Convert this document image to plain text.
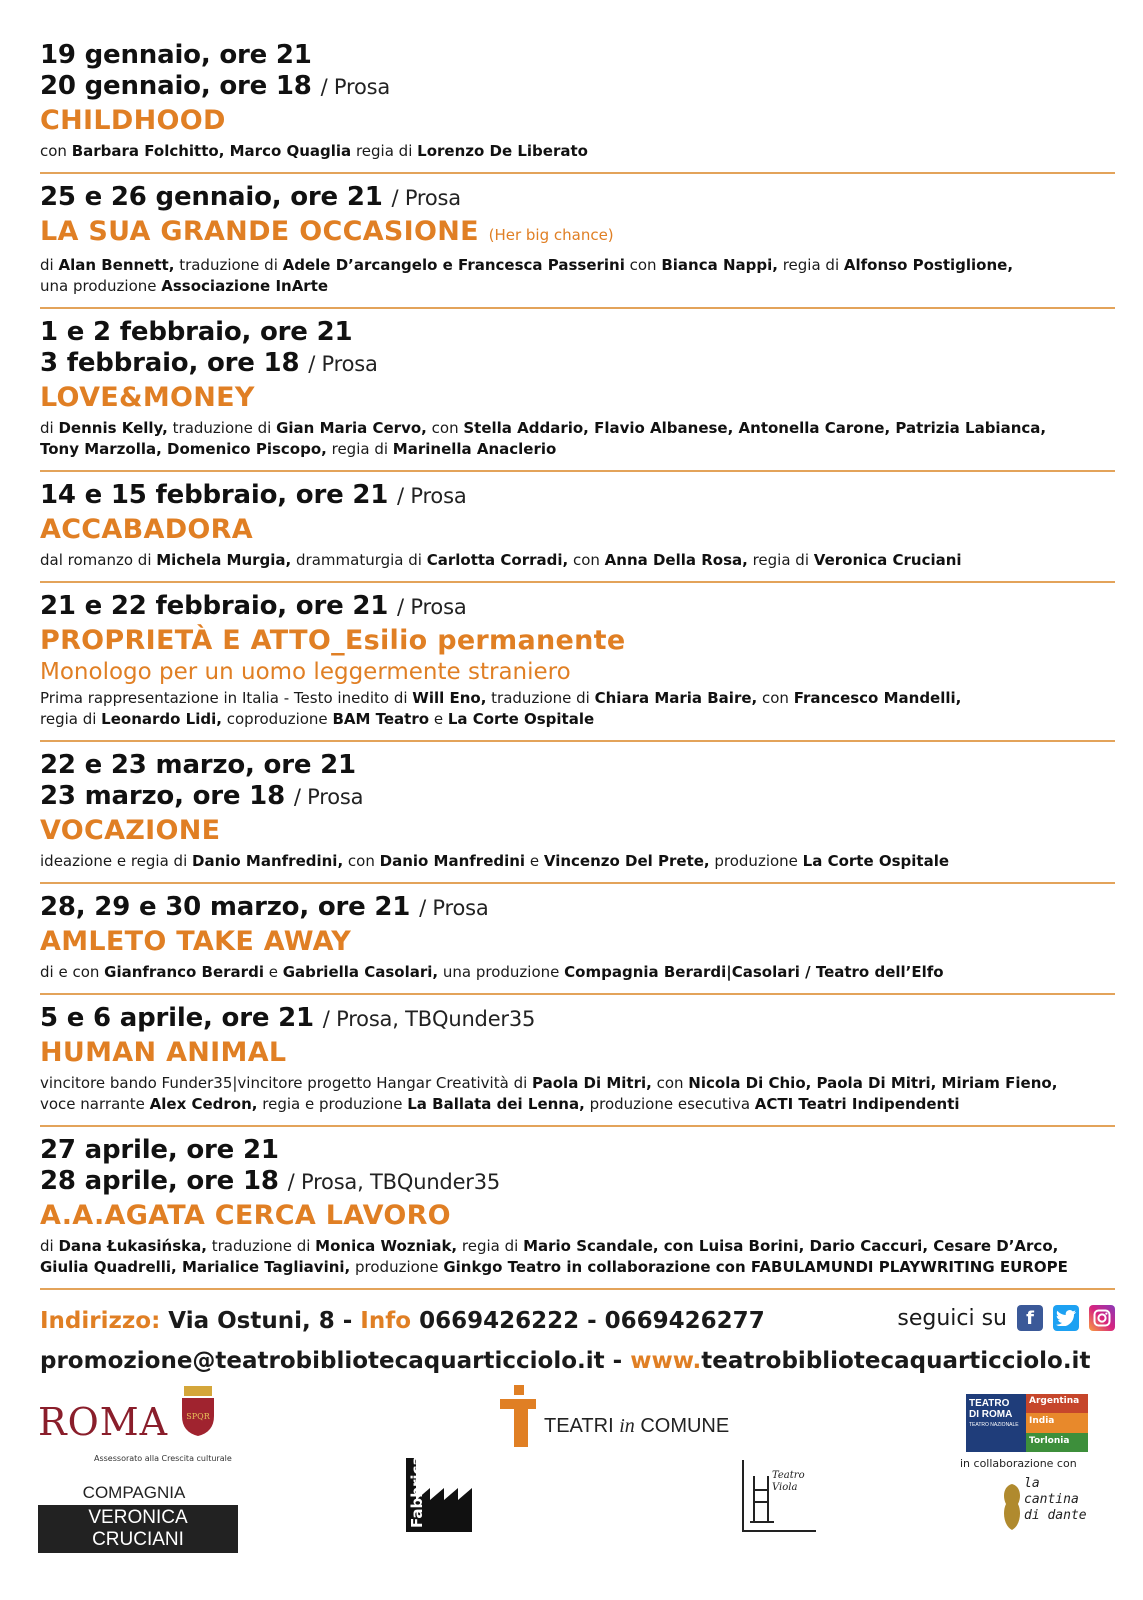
19 gennaio, ore 21
20 gennaio, ore 18 / Prosa
CHILDHOOD
con Barbara Folchitto, Marco Quaglia regia di Lorenzo De Liberato
25 e 26 gennaio, ore 21 / Prosa
LA SUA GRANDE OCCASIONE (Her big chance)
di Alan Bennett, traduzione di Adele D’arcangelo e Francesca Passerini con Bianca Nappi, regia di Alfonso Postiglione,
una produzione Associazione InArte
1 e 2 febbraio, ore 21
3 febbraio, ore 18 / Prosa
LOVE&MONEY
di Dennis Kelly, traduzione di Gian Maria Cervo, con Stella Addario, Flavio Albanese, Antonella Carone, Patrizia Labianca,
Tony Marzolla, Domenico Piscopo, regia di Marinella Anaclerio
14 e 15 febbraio, ore 21 / Prosa
ACCABADORA
dal romanzo di Michela Murgia, drammaturgia di Carlotta Corradi, con Anna Della Rosa, regia di Veronica Cruciani
21 e 22 febbraio, ore 21 / Prosa
PROPRIETÀ E ATTO_Esilio permanente
Monologo per un uomo leggermente straniero
Prima rappresentazione in Italia - Testo inedito di Will Eno, traduzione di Chiara Maria Baire, con Francesco Mandelli,
regia di Leonardo Lidi, coproduzione BAM Teatro e La Corte Ospitale
22 e 23 marzo, ore 21
23 marzo, ore 18 / Prosa
VOCAZIONE
ideazione e regia di Danio Manfredini, con Danio Manfredini e Vincenzo Del Prete, produzione La Corte Ospitale
28, 29 e 30 marzo, ore 21 / Prosa
AMLETO TAKE AWAY
di e con Gianfranco Berardi e Gabriella Casolari, una produzione Compagnia Berardi|Casolari / Teatro dell’Elfo
5 e 6 aprile, ore 21 / Prosa, TBQunder35
HUMAN ANIMAL
vincitore bando Funder35|vincitore progetto Hangar Creatività di Paola Di Mitri, con Nicola Di Chio, Paola Di Mitri, Miriam Fieno,
voce narrante Alex Cedron, regia e produzione La Ballata dei Lenna, produzione esecutiva ACTI Teatri Indipendenti
27 aprile, ore 21
28 aprile, ore 18 / Prosa, TBQunder35
A.A.AGATA CERCA LAVORO
di Dana Łukasińska, traduzione di Monica Wozniak, regia di Mario Scandale, con Luisa Borini, Dario Caccuri, Cesare D’Arco,
Giulia Quadrelli, Marialice Tagliavini, produzione Ginkgo Teatro in collaborazione con FABULAMUNDI PLAYWRITING EUROPE
Indirizzo: Via Ostuni, 8 - Info 0669426222 - 0669426277
promozione@teatrobibliotecaquarticciolo.it - www.teatrobibliotecaquarticciolo.it
seguici su	f
ROMA SPQR
Assessorato alla Crescita culturale
COMPAGNIA
VERONICA CRUCIANI
TEATRI in COMUNE
Fabbrica	Teatro Viola
TEATRO
DI ROMA
TEATRO NAZIONALE
Argentina
India
Torlonia
in collaborazione con
la cantina di dante
